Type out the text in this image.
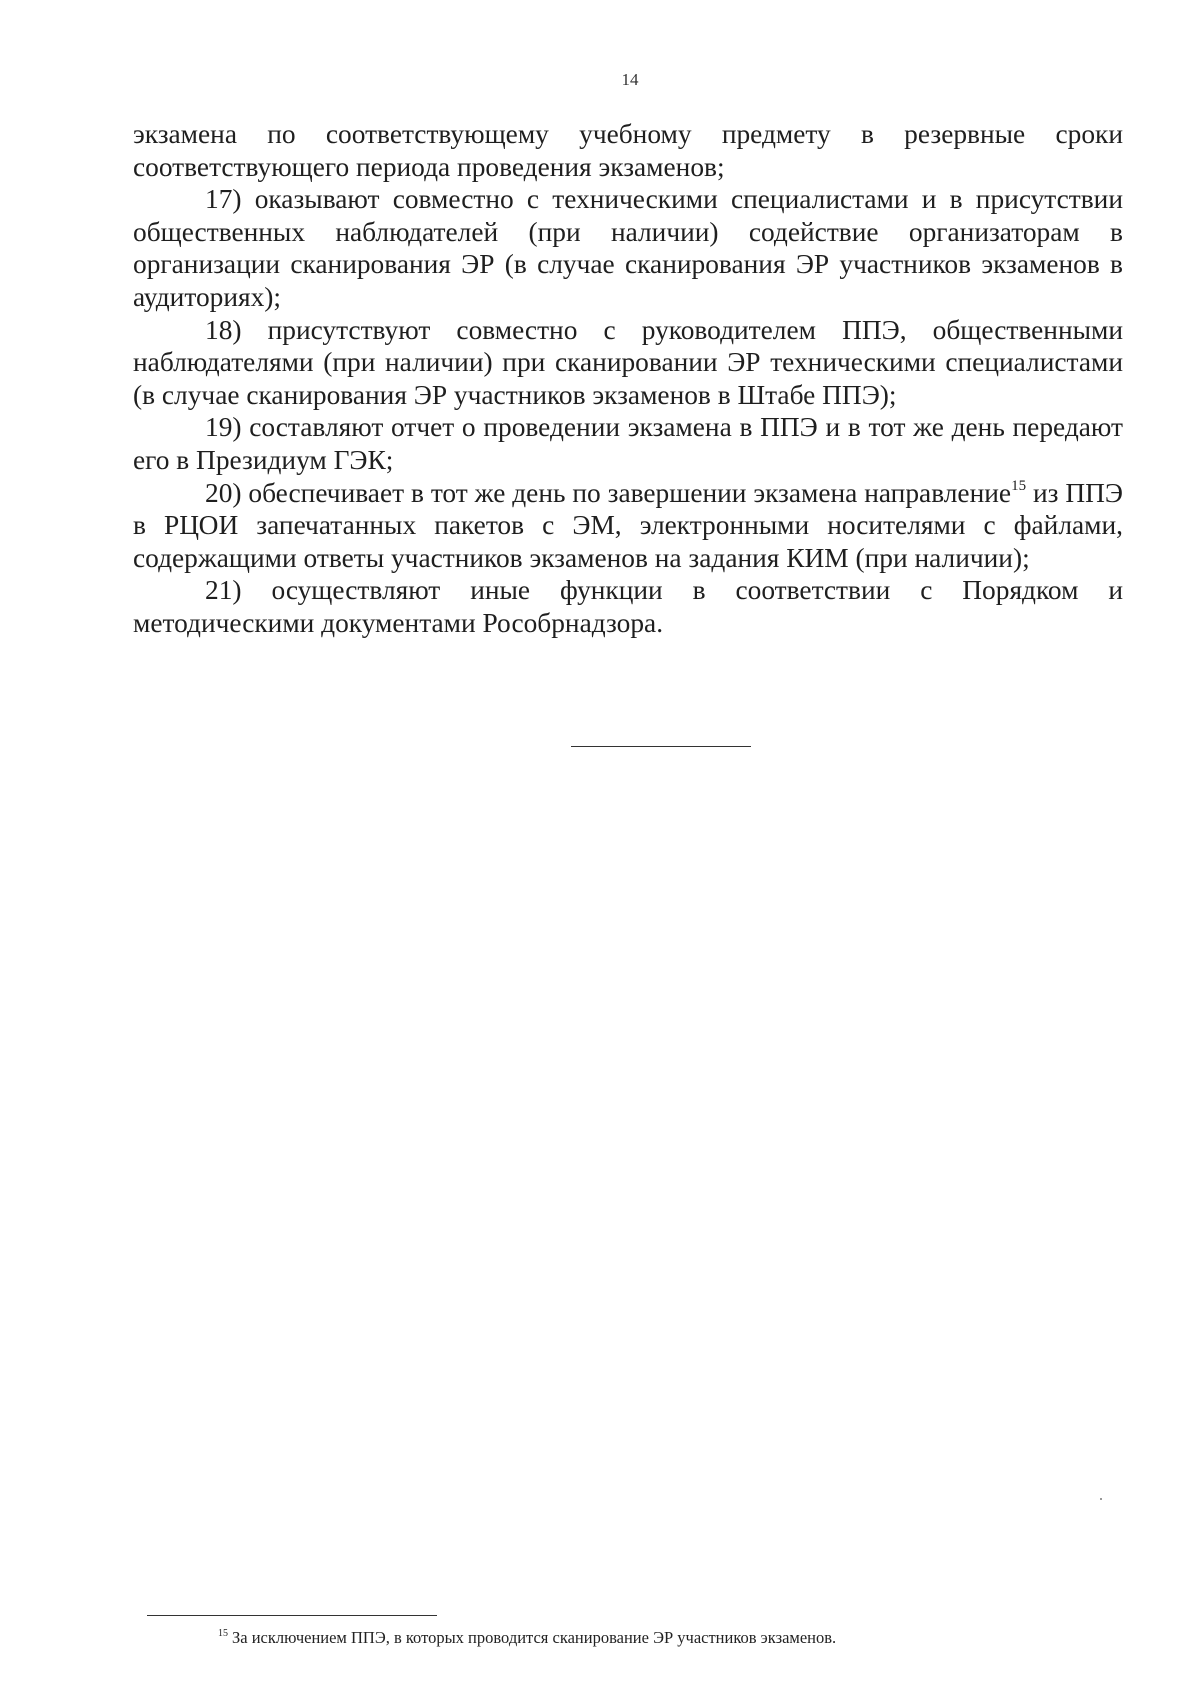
14

экзамена по соответствующему учебному предмету в резервные сроки соответствующего периода проведения экзаменов;

17) оказывают совместно с техническими специалистами и в присутствии общественных наблюдателей (при наличии) содействие организаторам в организации сканирования ЭР (в случае сканирования ЭР участников экзаменов в аудиториях);

18) присутствуют совместно с руководителем ППЭ, общественными наблюдателями (при наличии) при сканировании ЭР техническими специалистами (в случае сканирования ЭР участников экзаменов в Штабе ППЭ);

19) составляют отчет о проведении экзамена в ППЭ и в тот же день передают его в Президиум ГЭК;

20) обеспечивает в тот же день по завершении экзамена направление$^{15}$ из ППЭ в РЦОИ запечатанных пакетов с ЭМ, электронными носителями с файлами, содержащими ответы участников экзаменов на задания КИМ (при наличии);

21) осуществляют иные функции в соответствии с Порядком и методическими документами Рособрнадзора.

$^{15}$ За исключением ППЭ, в которых проводится сканирование ЭР участников экзаменов.
